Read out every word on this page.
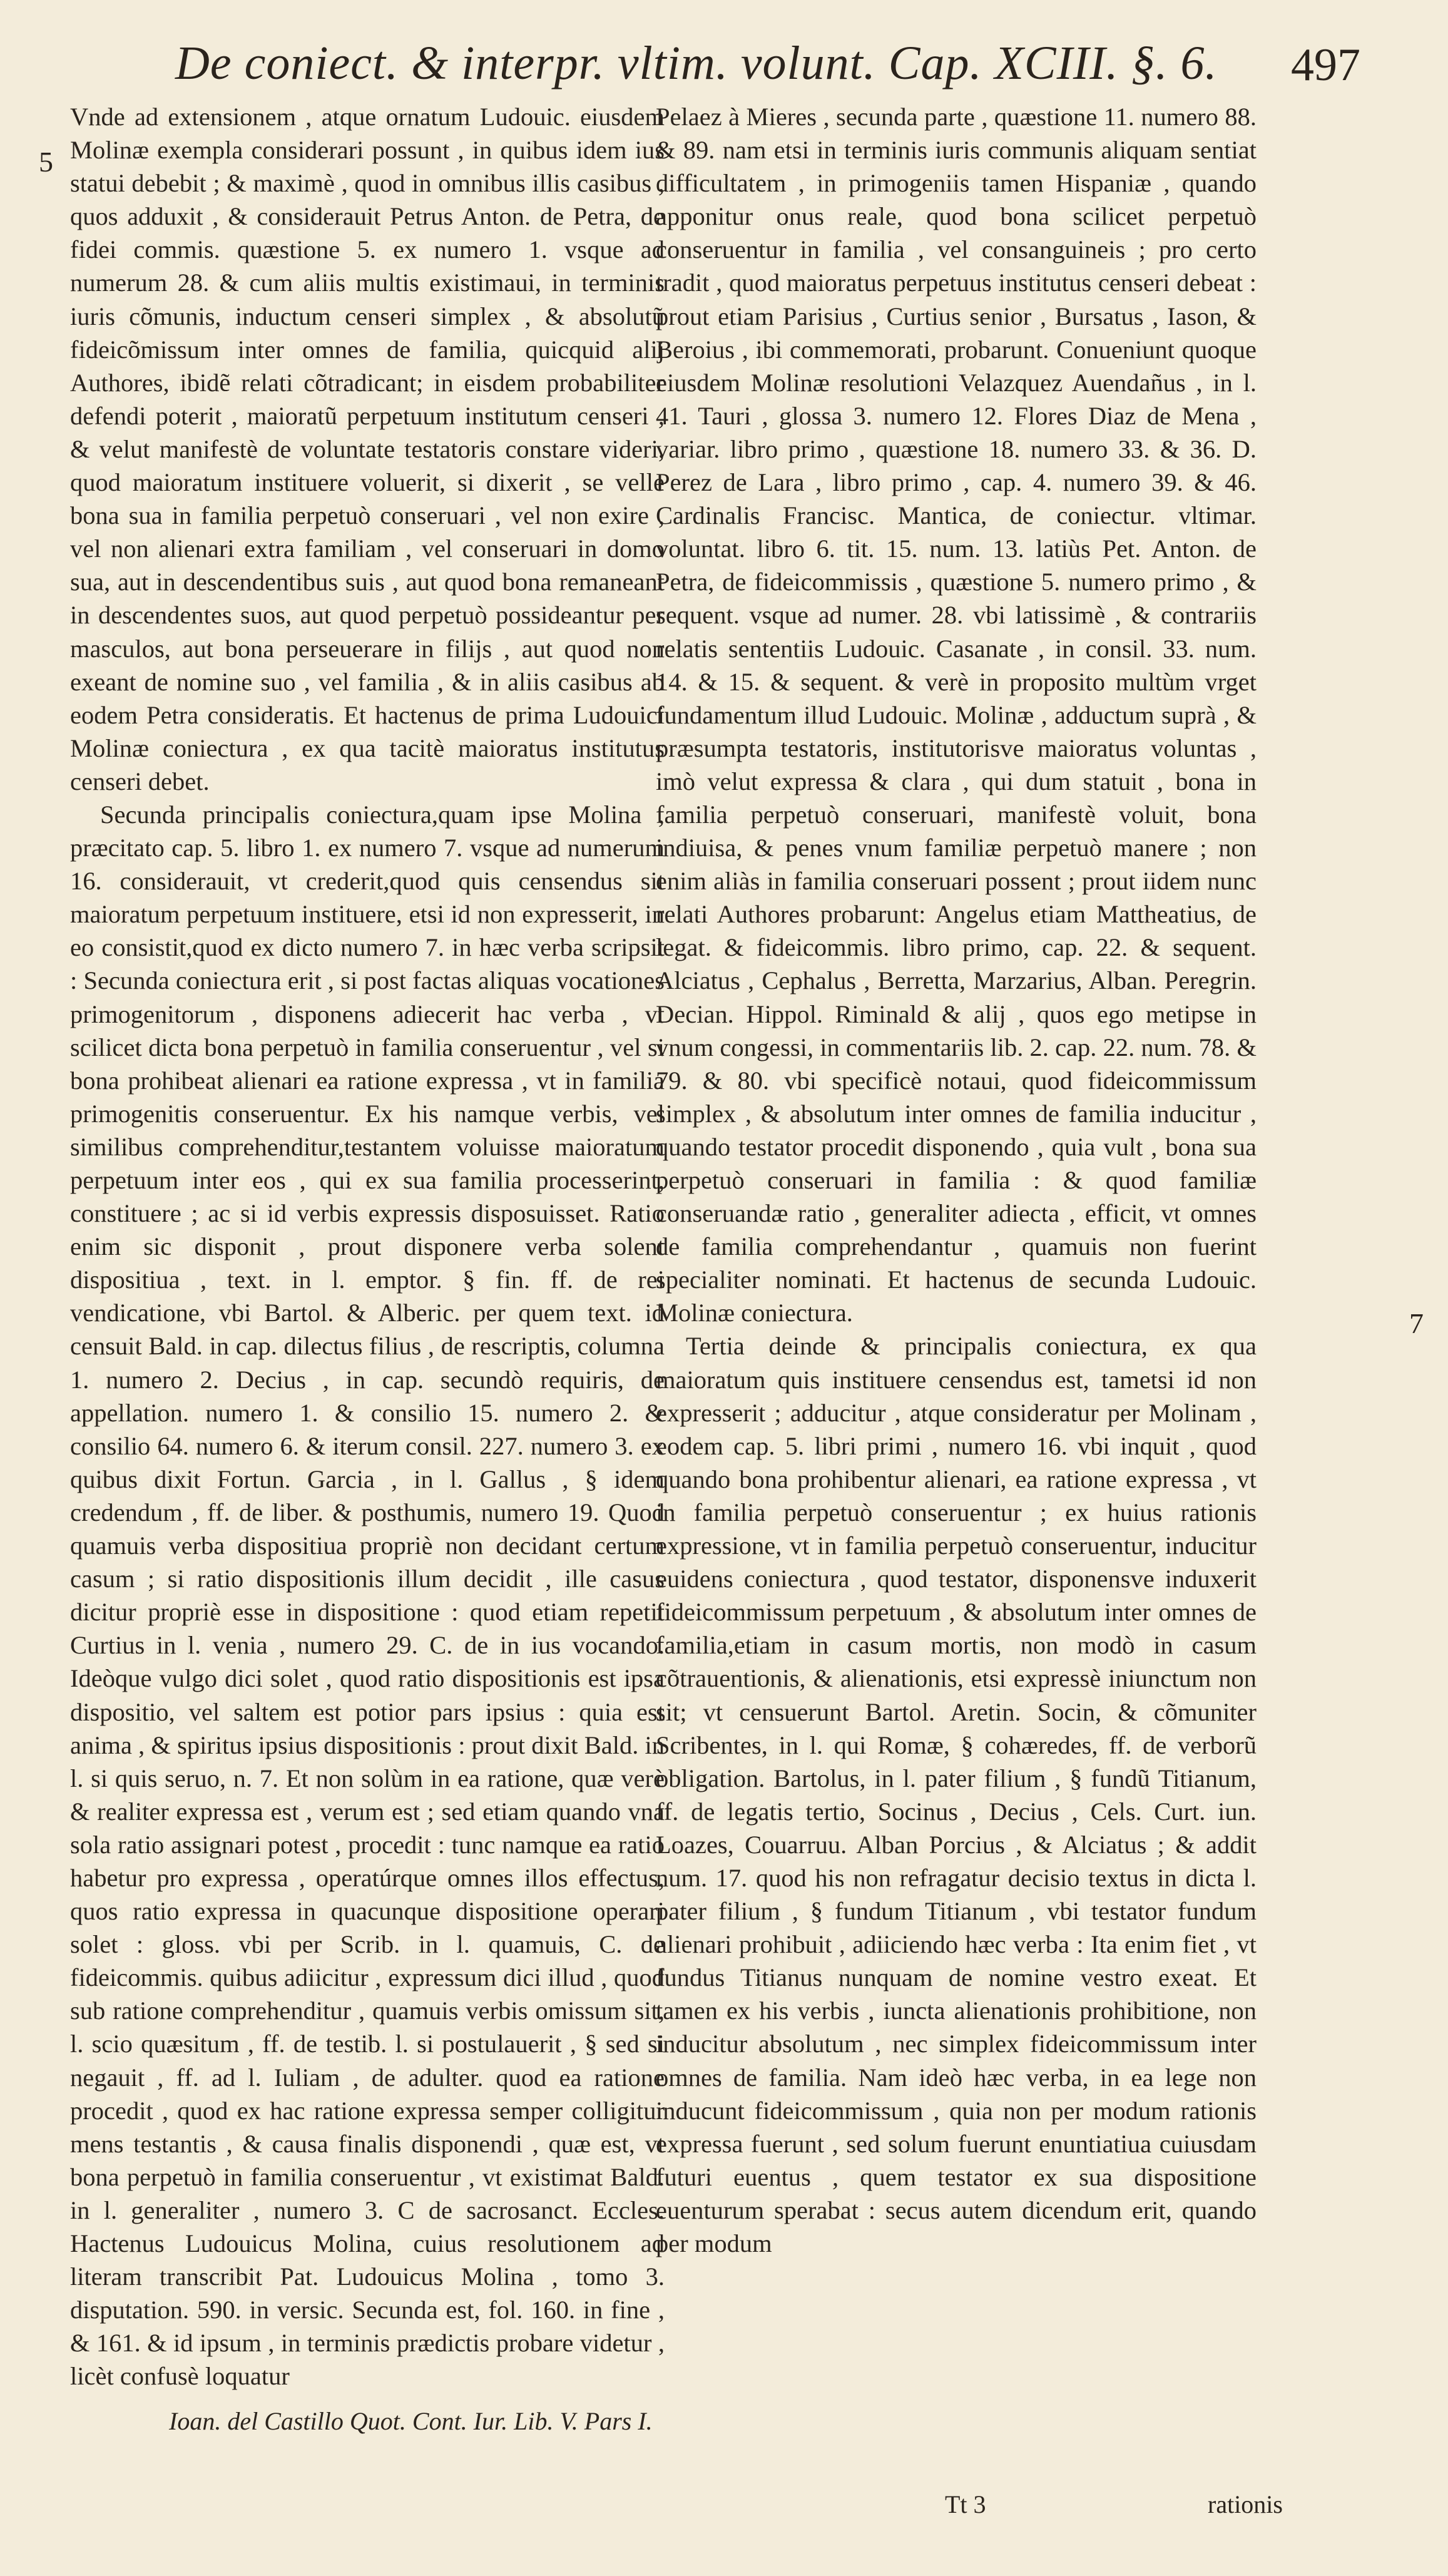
De coniect. & interpr. vltim. volunt. Cap. XCIII. §. 6. 497
5
7

Vnde ad extensionem , atque ornatum Ludouic. eiusdem Molinæ exempla considerari possunt , in quibus idem ius statui debebit ; & maximè , quod in omnibus illis casibus , quos adduxit , & considerauit Petrus Anton. de Petra, de fidei commis. quæstione 5. ex numero 1. vsque ad numerum 28. & cum aliis multis existimaui, in terminis iuris cõmunis, inductum censeri simplex , & absolutũ fideicõmissum inter omnes de familia, quicquid alij Authores, ibidẽ relati cõtradicant; in eisdem probabiliter defendi poterit , maioratũ perpetuum institutum censeri , & velut manifestè de voluntate testatoris constare videri, quod maioratum instituere voluerit, si dixerit , se velle bona sua in familia perpetuò conseruari , vel non exire , vel non alienari extra familiam , vel conseruari in domo sua, aut in descendentibus suis , aut quod bona remaneant in descendentes suos, aut quod perpetuò possideantur per masculos, aut bona perseuerare in filijs , aut quod non exeant de nomine suo , vel familia , & in aliis casibus ab eodem Petra consideratis. Et hactenus de prima Ludouici Molinæ coniectura , ex qua tacitè maioratus institutus censeri debet.

Secunda principalis coniectura,quam ipse Molina , præcitato cap. 5. libro 1. ex numero 7. vsque ad numerum 16. considerauit, vt crederit,quod quis censendus sit maioratum perpetuum instituere, etsi id non expresserit, in eo consistit,quod ex dicto numero 7. in hæc verba scripsit : Secunda coniectura erit , si post factas aliquas vocationes primogenitorum , disponens adiecerit hac verba , vt scilicet dicta bona perpetuò in familia conseruentur , vel si bona prohibeat alienari ea ratione expressa , vt in familia primogenitis conseruentur. Ex his namque verbis, vel similibus comprehenditur,testantem voluisse maioratum perpetuum inter eos , qui ex sua familia processerint, constituere ; ac si id verbis expressis disposuisset. Ratio enim sic disponit , prout disponere verba solent dispositiua , text. in l. emptor. § fin. ff. de rei vendicatione, vbi Bartol. & Alberic. per quem text. id censuit Bald. in cap. dilectus filius , de rescriptis, columna 1. numero 2. Decius , in cap. secundò requiris, de appellation. numero 1. & consilio 15. numero 2. & consilio 64. numero 6. & iterum consil. 227. numero 3. ex quibus dixit Fortun. Garcia , in l. Gallus , § idem credendum , ff. de liber. & posthumis, numero 19. Quod quamuis verba dispositiua propriè non decidant certum casum ; si ratio dispositionis illum decidit , ille casus dicitur propriè esse in dispositione : quod etiam repetit Curtius in l. venia , numero 29. C. de in ius vocando. Ideòque vulgo dici solet , quod ratio dispositionis est ipsa dispositio, vel saltem est potior pars ipsius : quia est anima , & spiritus ipsius dispositionis : prout dixit Bald. in l. si quis seruo, n. 7. Et non solùm in ea ratione, quæ verè & realiter expressa est , verum est ; sed etiam quando vna sola ratio assignari potest , procedit : tunc namque ea ratio habetur pro expressa , operatúrque omnes illos effectus, quos ratio expressa in quacunque dispositione operari solet : gloss. vbi per Scrib. in l. quamuis, C. de fideicommis. quibus adiicitur , expressum dici illud , quod sub ratione comprehenditur , quamuis verbis omissum sit, l. scio quæsitum , ff. de testib. l. si postulauerit , § sed si negauit , ff. ad l. Iuliam , de adulter. quod ea ratione procedit , quod ex hac ratione expressa semper colligitur mens testantis , & causa finalis disponendi , quæ est, vt bona perpetuò in familia conseruentur , vt existimat Bald. in l. generaliter , numero 3. C de sacrosanct. Eccles. Hactenus Ludouicus Molina, cuius resolutionem ad literam transcribit Pat. Ludouicus Molina , tomo 3. disputation. 590. in versic. Secunda est, fol. 160. in fine , & 161. & id ipsum , in terminis prædictis probare videtur , licèt confusè loquatur

Pelaez à Mieres , secunda parte , quæstione 11. numero 88. & 89. nam etsi in terminis iuris communis aliquam sentiat difficultatem , in primogeniis tamen Hispaniæ , quando apponitur onus reale, quod bona scilicet perpetuò conseruentur in familia , vel consanguineis ; pro certo tradit , quod maioratus perpetuus institutus censeri debeat : prout etiam Parisius , Curtius senior , Bursatus , Iason, & Beroius , ibi commemorati, probarunt. Conueniunt quoque eiusdem Molinæ resolutioni Velazquez Auendañus , in l. 41. Tauri , glossa 3. numero 12. Flores Diaz de Mena , variar. libro primo , quæstione 18. numero 33. & 36. D. Perez de Lara , libro primo , cap. 4. numero 39. & 46. Cardinalis Francisc. Mantica, de coniectur. vltimar. voluntat. libro 6. tit. 15. num. 13. latiùs Pet. Anton. de Petra, de fideicommissis , quæstione 5. numero primo , & sequent. vsque ad numer. 28. vbi latissimè , & contrariis relatis sententiis Ludouic. Casanate , in consil. 33. num. 14. & 15. & sequent. & verè in proposito multùm vrget fundamentum illud Ludouic. Molinæ , adductum suprà , & præsumpta testatoris, institutorisve maioratus voluntas , imò velut expressa & clara , qui dum statuit , bona in familia perpetuò conseruari, manifestè voluit, bona indiuisa, & penes vnum familiæ perpetuò manere ; non enim aliàs in familia conseruari possent ; prout iidem nunc relati Authores probarunt: Angelus etiam Mattheatius, de legat. & fideicommis. libro primo, cap. 22. & sequent. Alciatus , Cephalus , Berretta, Marzarius, Alban. Peregrin. Decian. Hippol. Riminald & alij , quos ego metipse in vnum congessi, in commentariis lib. 2. cap. 22. num. 78. & 79. & 80. vbi specificè notaui, quod fideicommissum simplex , & absolutum inter omnes de familia inducitur , quando testator procedit disponendo , quia vult , bona sua perpetuò conseruari in familia : & quod familiæ conseruandæ ratio , generaliter adiecta , efficit, vt omnes de familia comprehendantur , quamuis non fuerint specialiter nominati. Et hactenus de secunda Ludouic. Molinæ coniectura.

Tertia deinde & principalis coniectura, ex qua maioratum quis instituere censendus est, tametsi id non expresserit ; adducitur , atque consideratur per Molinam , eodem cap. 5. libri primi , numero 16. vbi inquit , quod quando bona prohibentur alienari, ea ratione expressa , vt in familia perpetuò conseruentur ; ex huius rationis expressione, vt in familia perpetuò conseruentur, inducitur euidens coniectura , quod testator, disponensve induxerit fideicommissum perpetuum , & absolutum inter omnes de familia,etiam in casum mortis, non modò in casum cõtrauentionis, & alienationis, etsi expressè iniunctum non sit; vt censuerunt Bartol. Aretin. Socin, & cõmuniter Scribentes, in l. qui Romæ, § cohæredes, ff. de verborũ obligation. Bartolus, in l. pater filium , § fundũ Titianum, ff. de legatis tertio, Socinus , Decius , Cels. Curt. iun. Loazes, Couarruu. Alban Porcius , & Alciatus ; & addit num. 17. quod his non refragatur decisio textus in dicta l. pater filium , § fundum Titianum , vbi testator fundum alienari prohibuit , adiiciendo hæc verba : Ita enim fiet , vt fundus Titianus nunquam de nomine vestro exeat. Et tamen ex his verbis , iuncta alienationis prohibitione, non inducitur absolutum , nec simplex fideicommissum inter omnes de familia. Nam ideò hæc verba, in ea lege non inducunt fideicommissum , quia non per modum rationis expressa fuerunt , sed solum fuerunt enuntiatiua cuiusdam futuri euentus , quem testator ex sua dispositione euenturum sperabat : secus autem dicendum erit, quando per modum

Ioan. del Castillo Quot. Cont. Iur. Lib. V. Pars I.
Tt 3	rationis
